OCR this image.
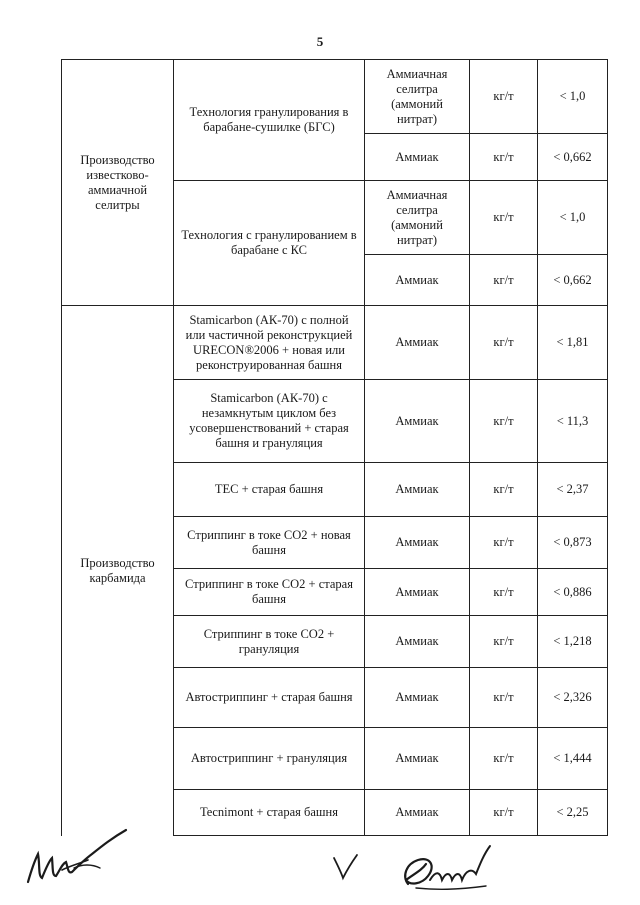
5
Производство известково-аммиачной селитры	Технология гранулирования в барабане-сушилке (БГС)	Аммиачная селитра (аммоний нитрат)	кг/т	< 1,0
		Аммиак	кг/т	< 0,662
	Технология с гранулированием в барабане с КС	Аммиачная селитра (аммоний нитрат)	кг/т	< 1,0
		Аммиак	кг/т	< 0,662
Производство карбамида	Stamicarbon (АК-70) с полной или частичной реконструкцией URECON®2006 + новая или реконструированная башня	Аммиак	кг/т	< 1,81
	Stamicarbon (АК-70) с незамкнутым циклом без усовершенствований + старая башня и грануляция	Аммиак	кг/т	< 11,3
	ТЕС + старая башня	Аммиак	кг/т	< 2,37
	Стриппинг в токе СО2 + новая башня	Аммиак	кг/т	< 0,873
	Стриппинг в токе СО2 + старая башня	Аммиак	кг/т	< 0,886
	Стриппинг в токе СО2 + грануляция	Аммиак	кг/т	< 1,218
	Автостриппинг + старая башня	Аммиак	кг/т	< 2,326
	Автостриппинг + грануляция	Аммиак	кг/т	< 1,444
	Tecnimont + старая башня	Аммиак	кг/т	< 2,25
